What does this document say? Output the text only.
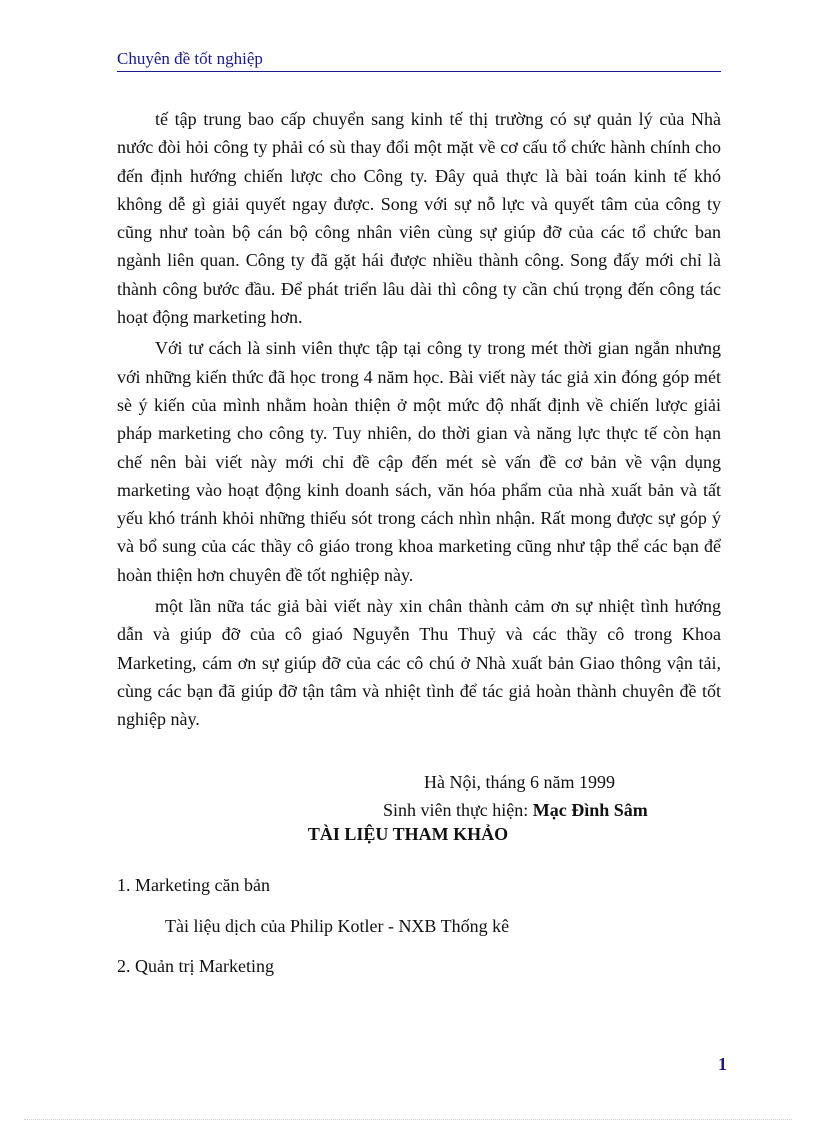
Chuyên đề tốt nghiệp

tế tập trung bao cấp chuyển sang kinh tế thị trường có sự quản lý của Nhà nước đòi hỏi công ty phải có sù thay đổi một mặt về cơ cấu tổ chức hành chính cho đến định hướng chiến lược cho Công ty. Đây quả thực là bài toán kinh tế khó không dễ gì giải quyết ngay được. Song với sự nỗ lực và quyết tâm của công ty cũng như toàn bộ cán bộ công nhân viên cùng sự giúp đỡ của các tổ chức ban ngành liên quan. Công ty đã gặt hái được nhiều thành công. Song đấy mới chỉ là thành công bước đầu. Để phát triển lâu dài thì công ty cần chú trọng đến công tác hoạt động marketing hơn.

Với tư cách là sinh viên thực tập tại công ty trong mét thời gian ngắn nhưng với những kiến thức đã học trong 4 năm học. Bài viết này tác giả xin đóng góp mét sè ý kiến của mình nhằm hoàn thiện ở một mức độ nhất định về chiến lược giải pháp marketing cho công ty. Tuy nhiên, do thời gian và năng lực thực tế còn hạn chế nên bài viết này mới chỉ đề cập đến mét sè vấn đề cơ bản về vận dụng marketing vào hoạt động kinh doanh sách, văn hóa phẩm của nhà xuất bản và tất yếu khó tránh khỏi những thiếu sót trong cách nhìn nhận. Rất mong được sự góp ý và bổ sung của các thầy cô giáo trong khoa marketing cũng như tập thể các bạn để hoàn thiện hơn chuyên đề tốt nghiệp này.

một lần nữa tác giả bài viết này xin chân thành cảm ơn sự nhiệt tình hướng dẫn và giúp đỡ của cô giaó Nguyễn Thu Thuỷ và các thầy cô trong Khoa Marketing, cám ơn sự giúp đỡ của các cô chú ở Nhà xuất bản Giao thông vận tải, cùng các bạn đã giúp đỡ tận tâm và nhiệt tình để tác giả hoàn thành chuyên đề tốt nghiệp này.

Hà Nội, tháng 6 năm 1999
Sinh viên thực hiện: Mạc Đình Sâm
TÀI LIỆU THAM KHẢO
1. Marketing căn bản
Tài liệu dịch của Philip Kotler - NXB Thống kê
2. Quản trị Marketing
1
